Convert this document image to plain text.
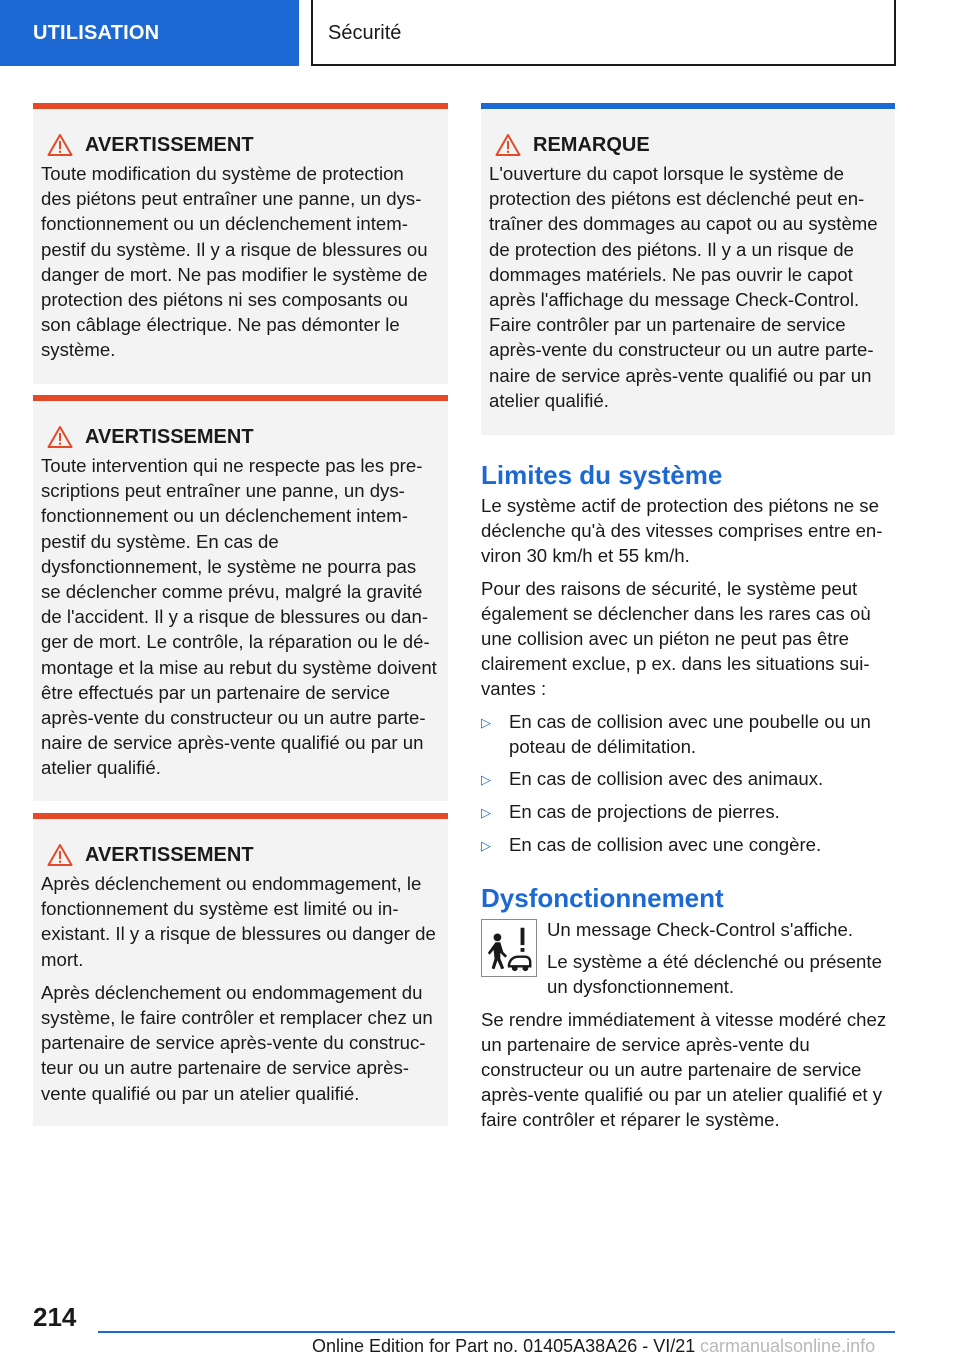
UTILISATION	Sécurité
AVERTISSEMENT

Toute modification du système de protection des piétons peut entraîner une panne, un dysfonctionnement ou un déclenchement intempestif du système. Il y a risque de blessures ou danger de mort. Ne pas modifier le système de protection des piétons ni ses composants ou son câblage électrique. Ne pas démonter le système.

AVERTISSEMENT

Toute intervention qui ne respecte pas les prescriptions peut entraîner une panne, un dysfonctionnement ou un déclenchement intempestif du système. En cas de dysfonctionnement, le système ne pourra pas se déclencher comme prévu, malgré la gravité de l'accident. Il y a risque de blessures ou danger de mort. Le contrôle, la réparation ou le démontage et la mise au rebut du système doivent être effectués par un partenaire de service après-vente du constructeur ou un autre partenaire de service après-vente qualifié ou par un atelier qualifié.

AVERTISSEMENT

Après déclenchement ou endommagement, le fonctionnement du système est limité ou inexistant. Il y a risque de blessures ou danger de mort.

Après déclenchement ou endommagement du système, le faire contrôler et remplacer chez un partenaire de service après-vente du constructeur ou un autre partenaire de service après-vente qualifié ou par un atelier qualifié.

REMARQUE

L'ouverture du capot lorsque le système de protection des piétons est déclenché peut entraîner des dommages au capot ou au système de protection des piétons. Il y a un risque de dommages matériels. Ne pas ouvrir le capot après l'affichage du message Check-Control. Faire contrôler par un partenaire de service après-vente du constructeur ou un autre partenaire de service après-vente qualifié ou par un atelier qualifié.

Limites du système

Le système actif de protection des piétons ne se déclenche qu'à des vitesses comprises entre environ 30 km/h et 55 km/h.

Pour des raisons de sécurité, le système peut également se déclencher dans les rares cas où une collision avec un piéton ne peut pas être clairement exclue, p ex. dans les situations suivantes :

▷ En cas de collision avec une poubelle ou un poteau de délimitation.
▷ En cas de collision avec des animaux.
▷ En cas de projections de pierres.
▷ En cas de collision avec une congère.
Dysfonctionnement

Un message Check-Control s'affiche.

Le système a été déclenché ou présente un dysfonctionnement.

Se rendre immédiatement à vitesse modéré chez un partenaire de service après-vente du constructeur ou un autre partenaire de service après-vente qualifié ou par un atelier qualifié et y faire contrôler et réparer le système.

214
Online Edition for Part no. 01405A38A26 - VI/21 carmanualsonline.info
